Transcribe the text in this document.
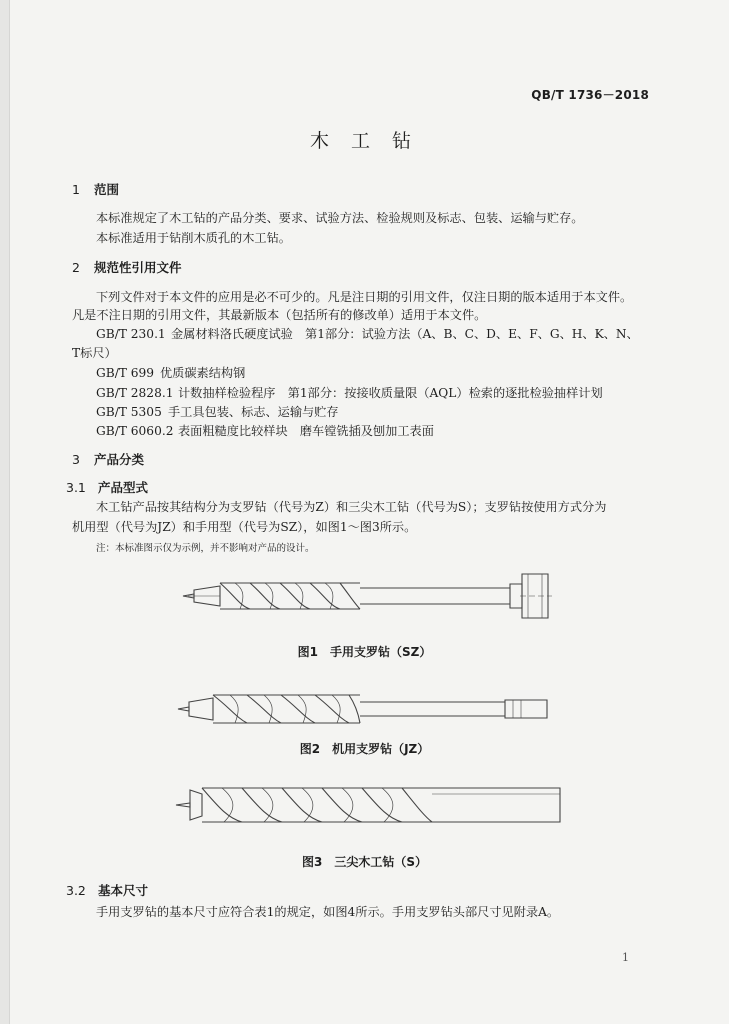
QB/T 1736－2018
木 工 钻
1 范围
本标准规定了木工钻的产品分类、要求、试验方法、检验规则及标志、包装、运输与贮存。
本标准适用于钻削木质孔的木工钻。
2 规范性引用文件
下列文件对于本文件的应用是必不可少的。凡是注日期的引用文件，仅注日期的版本适用于本文件。
凡是不注日期的引用文件，其最新版本（包括所有的修改单）适用于本文件。
GB/T 230.1 金属材料洛氏硬度试验　第1部分：试验方法（A、B、C、D、E、F、G、H、K、N、
T标尺）
GB/T 699 优质碳素结构钢
GB/T 2828.1 计数抽样检验程序　第1部分：按接收质量限（AQL）检索的逐批检验抽样计划
GB/T 5305 手工具包装、标志、运输与贮存
GB/T 6060.2 表面粗糙度比较样块　磨车镗铣插及刨加工表面
3 产品分类
3.1 产品型式
木工钻产品按其结构分为支罗钻（代号为Z）和三尖木工钻（代号为S）；支罗钻按使用方式分为
机用型（代号为JZ）和手用型（代号为SZ），如图1～图3所示。
注：本标准图示仅为示例，并不影响对产品的设计。
图1 手用支罗钻（SZ）
图2 机用支罗钻（JZ）
图3 三尖木工钻（S）
3.2 基本尺寸
手用支罗钻的基本尺寸应符合表1的规定，如图4所示。手用支罗钻头部尺寸见附录A。
1
